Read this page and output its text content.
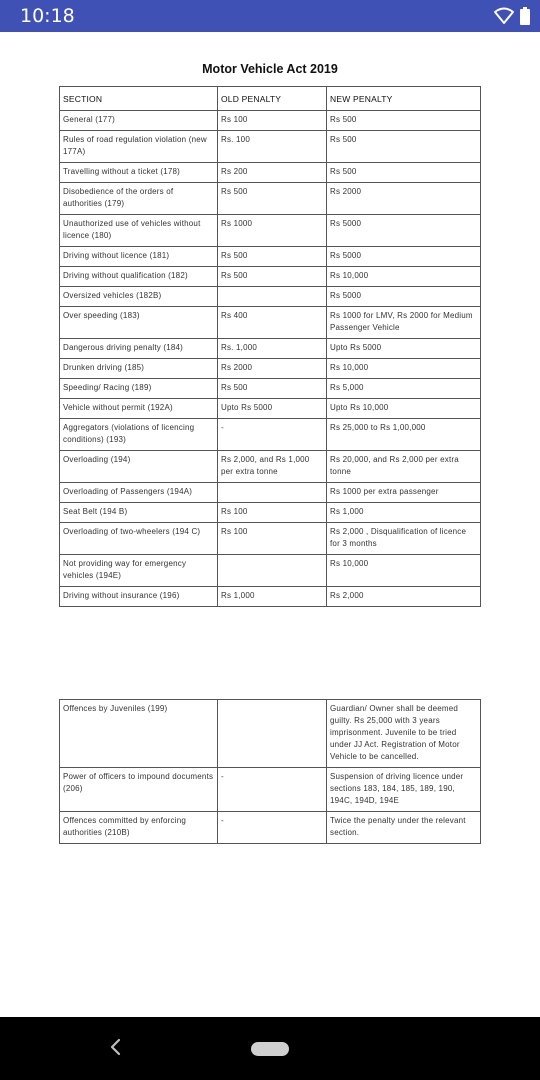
10:18
Motor Vehicle Act 2019
SECTION	OLD PENALTY	NEW PENALTY
General (177)	Rs 100	Rs 500
Rules of road regulation violation (new 177A)	Rs. 100	Rs 500
Travelling without a ticket (178)	Rs 200	Rs 500
Disobedience of the orders of authorities (179)	Rs 500	Rs 2000
Unauthorized use of vehicles without licence (180)	Rs 1000	Rs 5000
Driving without licence (181)	Rs 500	Rs 5000
Driving without qualification (182)	Rs 500	Rs 10,000
Oversized vehicles (182B)		Rs 5000
Over speeding (183)	Rs 400	Rs 1000 for LMV, Rs 2000 for Medium Passenger Vehicle
Dangerous driving penalty (184)	Rs. 1,000	Upto Rs 5000
Drunken driving (185)	Rs 2000	Rs 10,000
Speeding/ Racing (189)	Rs 500	Rs 5,000
Vehicle without permit (192A)	Upto Rs 5000	Upto Rs 10,000
Aggregators (violations of licencing conditions) (193)	-	Rs 25,000 to Rs 1,00,000
Overloading (194)	Rs 2,000, and Rs 1,000 per extra tonne	Rs 20,000, and Rs 2,000 per extra tonne
Overloading of Passengers (194A)		Rs 1000 per extra passenger
Seat Belt (194 B)	Rs 100	Rs 1,000
Overloading of two-wheelers (194 C)	Rs 100	Rs 2,000 , Disqualification of licence for 3 months
Not providing way for emergency vehicles (194E)		Rs 10,000
Driving without insurance (196)	Rs 1,000	Rs 2,000
Offences by Juveniles (199)		Guardian/ Owner shall be deemed guilty. Rs 25,000 with 3 years imprisonment. Juvenile to be tried under JJ Act. Registration of Motor Vehicle to be cancelled.
Power of officers to impound documents (206)	-	Suspension of driving licence under sections 183, 184, 185, 189, 190, 194C, 194D, 194E
Offences committed by enforcing authorities (210B)	-	Twice the penalty under the relevant section.
